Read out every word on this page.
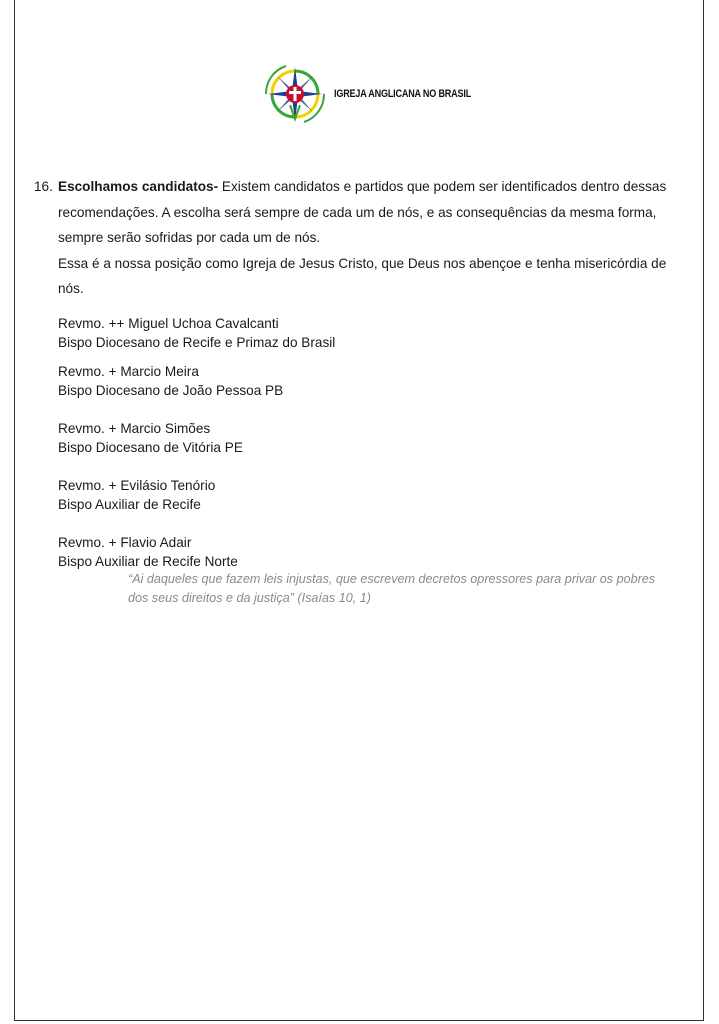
IGREJA ANGLICANA NO BRASIL
16. Escolhamos candidatos- Existem candidatos e partidos que podem ser identificados dentro dessas recomendações. A escolha será sempre de cada um de nós, e as consequências da mesma forma, sempre serão sofridas por cada um de nós.
Essa é a nossa posição como Igreja de Jesus Cristo, que Deus nos abençoe e tenha misericórdia de nós.
Revmo. ++ Miguel Uchoa Cavalcanti
Bispo Diocesano de Recife e Primaz do Brasil
Revmo. + Marcio Meira
Bispo Diocesano de João Pessoa PB
Revmo. + Marcio Simões
Bispo Diocesano de Vitória PE
Revmo. + Evilásio Tenório
Bispo Auxiliar de Recife
Revmo. + Flavio Adair
Bispo Auxiliar de Recife Norte
“Ai daqueles que fazem leis injustas, que escrevem decretos opressores para privar os pobres dos seus direitos e da justiça” (Isaías 10, 1)
